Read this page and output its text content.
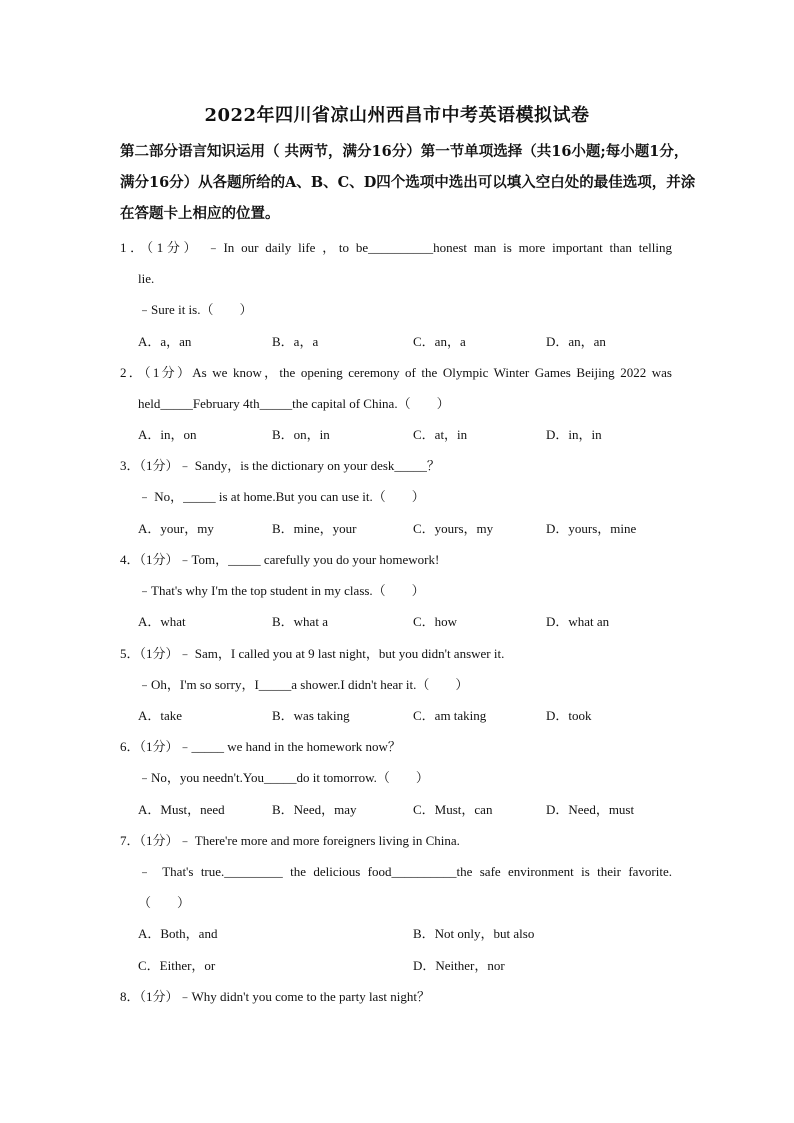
2022年四川省凉山州西昌市中考英语模拟试卷
第二部分语言知识运用（ 共两节，满分16分）第一节单项选择（共16小题;每小题1分，
满分16分）从各题所给的A、B、C、D四个选项中选出可以填入空白处的最佳选项，并涂
在答题卡上相应的位置。
1．（1分） ﹣In our daily life ，to be__________honest man is more important than telling
lie.
﹣Sure it is.（　　）
A．a，an	B．a，a	C．an，a	D．an，an
2．（1分）As we know，the opening ceremony of the Olympic Winter Games Beijing 2022 was
held_____February 4th_____the capital of China.（　　）
A．in，on	B．on，in	C．at，in	D．in，in
3．（1分）﹣ Sandy，is the dictionary on your desk_____？
﹣ No，_____ is at home.But you can use it.（　　）
A．your，my	B．mine，your	C．yours，my	D．yours，mine
4．（1分）﹣Tom，_____ carefully you do your homework!
﹣That's why I'm the top student in my class.（　　）
A．what	B．what a	C．how	D．what an
5．（1分）﹣ Sam，I called you at 9 last night，but you didn't answer it.
﹣Oh，I'm so sorry，I_____a shower.I didn't hear it.（　　）
A．take	B．was taking	C．am taking	D．took
6．（1分）﹣_____ we hand in the homework now？
﹣No，you needn't.You_____do it tomorrow.（　　）
A．Must，need	B．Need，may	C．Must，can	D．Need，must
7．（1分）﹣ There're more and more foreigners living in China.
﹣ That's true._________ the delicious food__________the safe environment is their favorite.
（　　）
A．Both，and	B．Not only，but also
C．Either，or	D．Neither，nor
8．（1分）﹣Why didn't you come to the party last night？
